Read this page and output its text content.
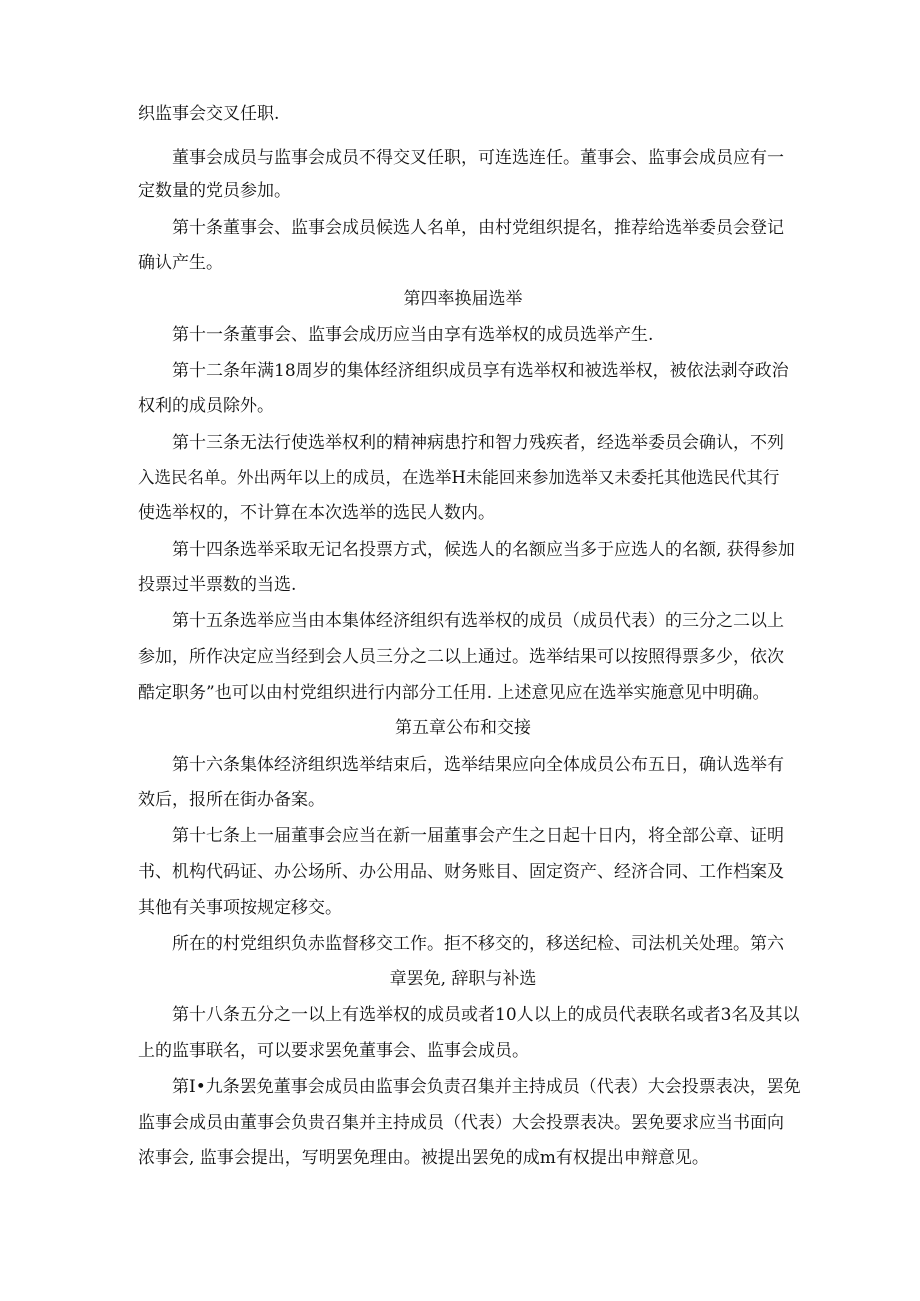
织监事会交叉任职.
董事会成员与监事会成员不得交叉任职，可连选连任。董事会、监事会成员应有一
定数量的党员参加。
第十条董事会、监事会成员候选人名单，由村党组织提名，推荐给选举委员会登记
确认产生。
第四率换届选举
第十一条董事会、监事会成历应当由享有选举权的成员选举产生.
第十二条年满18周岁的集体经济组织成员享有选举权和被选举权，被依法剥夺政治
权利的成员除外。
第十三条无法行使选举权利的精神病患拧和智力残疾者，经选举委员会确认，不列
入选民名单。外出两年以上的成员，在选举H未能回来参加选举又未委托其他选民代其行
使选举权的，不计算在本次选举的选民人数内。
第十四条选举采取无记名投票方式，候选人的名额应当多于应选人的名额, 获得参加
投票过半票数的当选.
第十五条选举应当由本集体经济组织有选举权的成员（成员代表）的三分之二以上
参加，所作决定应当经到会人员三分之二以上通过。选举结果可以按照得票多少，依次
酷定职务”也可以由村党组织进行内部分工任用. 上述意见应在选举实施意见中明确。
第五章公布和交接
第十六条集体经济组织选举结束后，选举结果应向全体成员公布五日，确认选举有
效后，报所在街办备案。
第十七条上一届董事会应当在新一届董事会产生之日起十日内，将全部公章、证明
书、机构代码证、办公场所、办公用品、财务账目、固定资产、经济合同、工作档案及
其他有关事项按规定移交。
所在的村党组织负赤监督移交工作。拒不移交的，移送纪检、司法机关处理。第六
章罢免, 辞职与补选
第十八条五分之一以上有选举权的成员或者10人以上的成员代表联名或者3名及其以
上的监事联名，可以要求罢免董事会、监事会成员。
第I•九条罢免董事会成员由监事会负责召集并主持成员（代表）大会投票表决，罢免
监事会成员由董事会负贵召集并主持成员（代表）大会投票表决。罢免要求应当书面向
浓事会, 监事会提出，写明罢免理由。被提出罢免的成m有权提出申辩意见。
